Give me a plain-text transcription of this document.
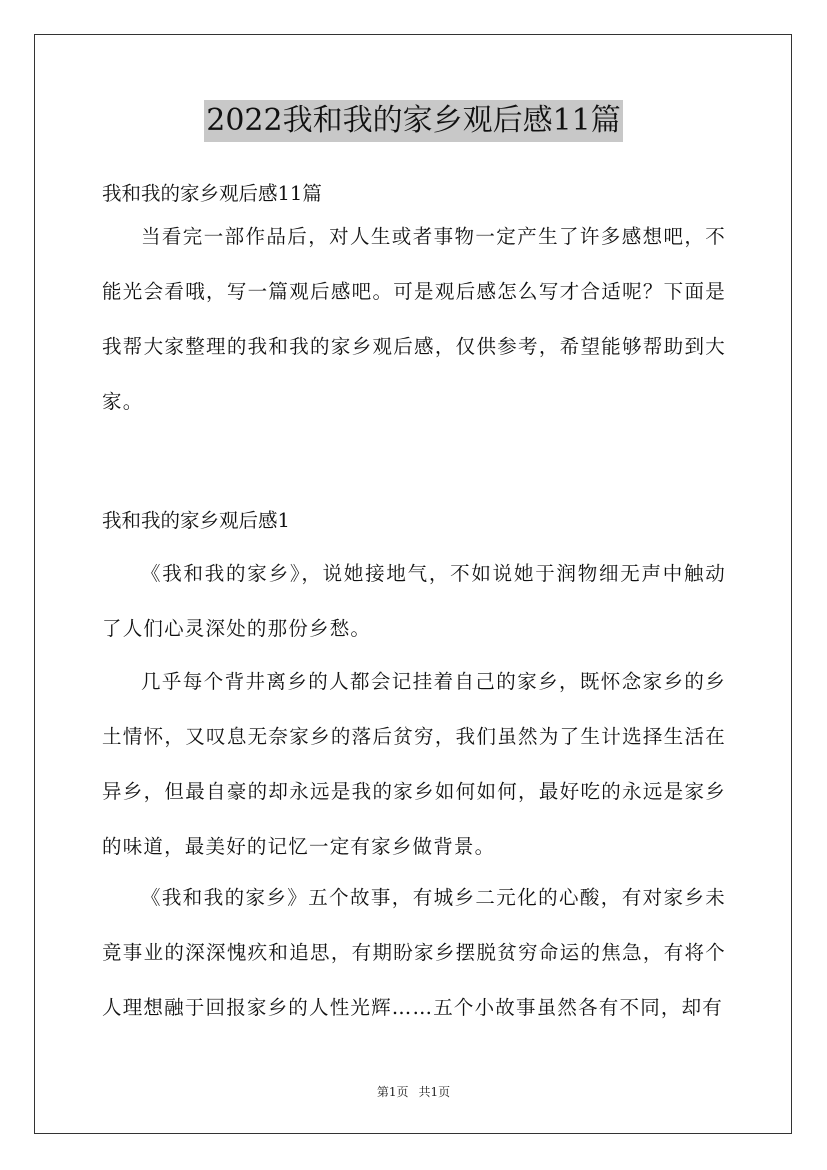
2022我和我的家乡观后感11篇
我和我的家乡观后感11篇

当看完一部作品后，对人生或者事物一定产生了许多感想吧，不能光会看哦，写一篇观后感吧。可是观后感怎么写才合适呢？下面是我帮大家整理的我和我的家乡观后感，仅供参考，希望能够帮助到大家。

我和我的家乡观后感1

《我和我的家乡》，说她接地气，不如说她于润物细无声中触动了人们心灵深处的那份乡愁。

几乎每个背井离乡的人都会记挂着自己的家乡，既怀念家乡的乡土情怀，又叹息无奈家乡的落后贫穷，我们虽然为了生计选择生活在异乡，但最自豪的却永远是我的家乡如何如何，最好吃的永远是家乡的味道，最美好的记忆一定有家乡做背景。

《我和我的家乡》五个故事，有城乡二元化的心酸，有对家乡未竟事业的深深愧疚和追思，有期盼家乡摆脱贫穷命运的焦急，有将个人理想融于回报家乡的人性光辉……五个小故事虽然各有不同，却有

第1页 共1页
